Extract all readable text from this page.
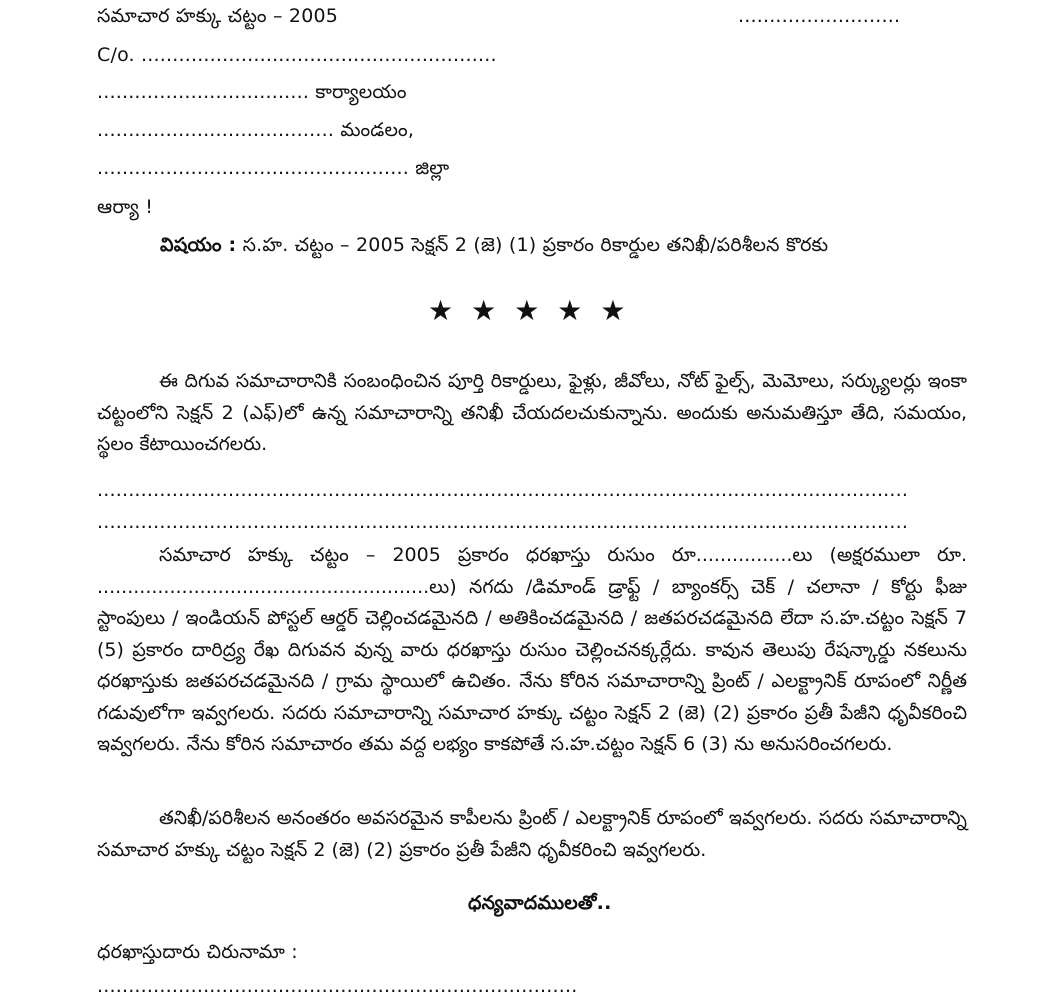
సమాచార హక్కు చట్టం – 2005	..........................
C/o. .........................................................
.................................. కార్యాలయం
...................................... మండలం,
.................................................. జిల్లా
ఆర్యా !
విషయం : స.హ. చట్టం – 2005 సెక్షన్ 2 (జె) (1) ప్రకారం రికార్డుల తనిఖీ/పరిశీలన కొరకు
★★★★★
ఈ దిగువ సమాచారానికి సంబంధించిన పూర్తి రికార్డులు, ఫైళ్లు, జీవోలు, నోట్ ఫైల్స్, మెమోలు, సర్క్యులర్లు ఇంకా చట్టంలోని సెక్షన్ 2 (ఎఫ్)లో ఉన్న సమాచారాన్ని తనిఖీ చేయదలచుకున్నాను. అందుకు అనుమతిస్తూ తేది, సమయం, స్థలం కేటాయించగలరు.
..................................................................................................................................
..................................................................................................................................
సమాచార హక్కు చట్టం – 2005 ప్రకారం ధరఖాస్తు రుసుం రూ................లు (అక్షరములా రూ. .......................................................లు) నగదు /డిమాండ్ డ్రాఫ్ట్ / బ్యాంకర్స్ చెక్ / చలానా / కోర్టు ఫీజు స్టాంపులు / ఇండియన్ పోస్టల్ ఆర్డర్ చెల్లించడమైనది / అతికించడమైనది / జతపరచడమైనది లేదా స.హ.చట్టం సెక్షన్ 7 (5) ప్రకారం దారిద్ర్య రేఖ దిగువన వున్న వారు ధరఖాస్తు రుసుం చెల్లించనక్కర్లేదు. కావున తెలుపు రేషన్కార్డు నకలును ధరఖాస్తుకు జతపరచడమైనది / గ్రామ స్థాయిలో ఉచితం. నేను కోరిన సమాచారాన్ని ప్రింట్ / ఎలక్ట్రానిక్ రూపంలో నిర్ణీత గడువులోగా ఇవ్వగలరు. సదరు సమాచారాన్ని సమాచార హక్కు చట్టం సెక్షన్ 2 (జె) (2) ప్రకారం ప్రతీ పేజీని ధృవీకరించి ఇవ్వగలరు. నేను కోరిన సమాచారం తమ వద్ద లభ్యం కాకపోతే స.హ.చట్టం సెక్షన్ 6 (3) ను అనుసరించగలరు.
తనిఖీ/పరిశీలన అనంతరం అవసరమైన కాపీలను ప్రింట్ / ఎలక్ట్రానిక్ రూపంలో ఇవ్వగలరు. సదరు సమాచారాన్ని సమాచార హక్కు చట్టం సెక్షన్ 2 (జె) (2) ప్రకారం ప్రతీ పేజీని ధృవీకరించి ఇవ్వగలరు.
ధన్యవాదములతో..
ధరఖాస్తుదారు చిరునామా :
.............................................................................
